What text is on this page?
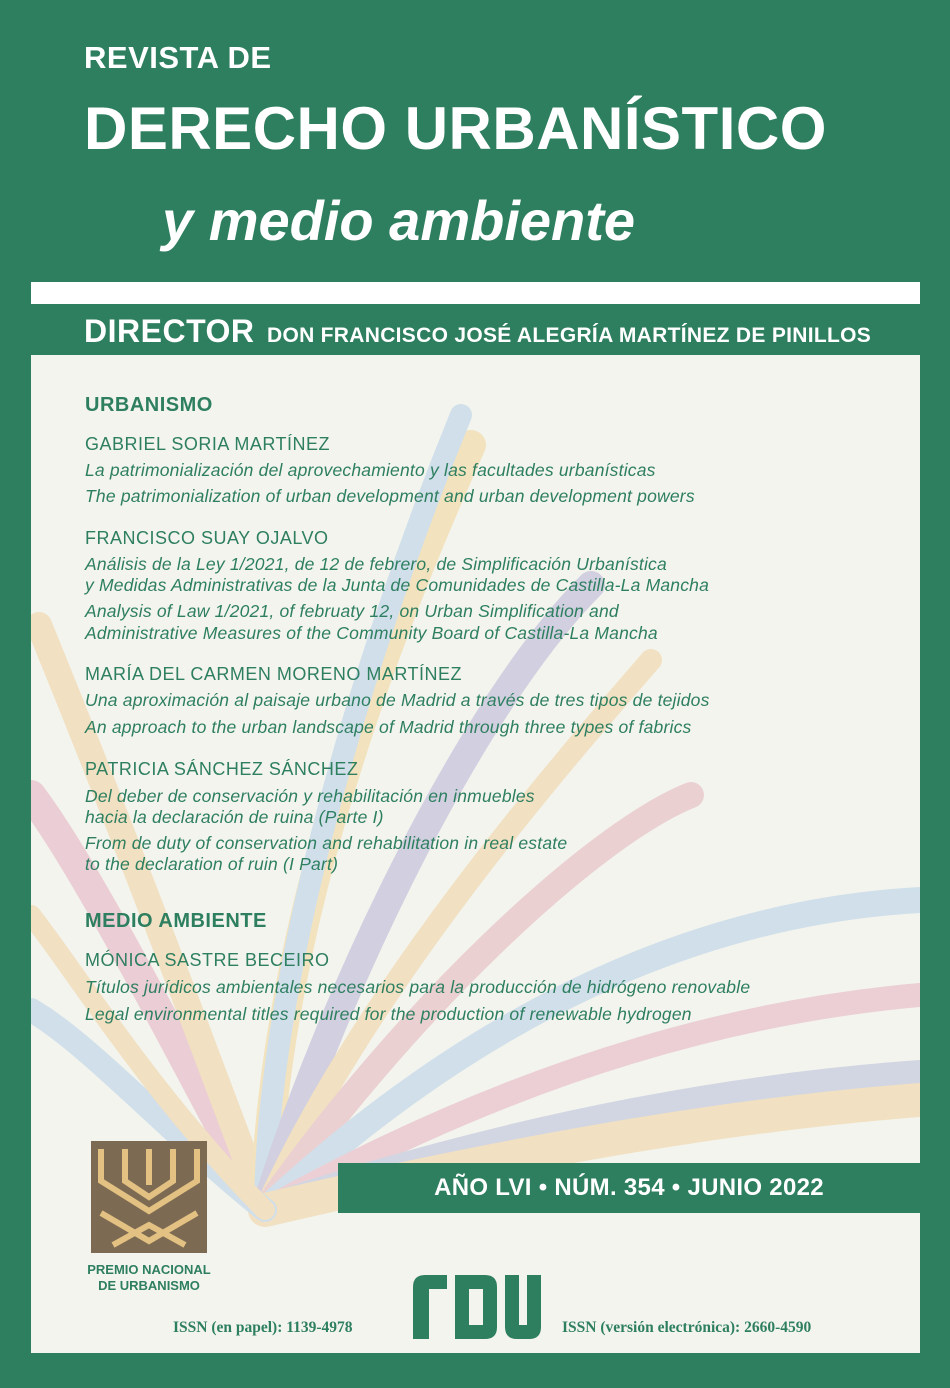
REVISTA DE
DERECHO URBANÍSTICO
y medio ambiente
DIRECTOR DON FRANCISCO JOSÉ ALEGRÍA MARTÍNEZ DE PINILLOS
URBANISMO

GABRIEL SORIA MARTÍNEZ

La patrimonialización del aprovechamiento y las facultades urbanísticas

The patrimonialization of urban development and urban development powers

FRANCISCO SUAY OJALVO

Análisis de la Ley 1/2021, de 12 de febrero, de Simplificación Urbanística

y Medidas Administrativas de la Junta de Comunidades de Castilla-La Mancha

Analysis of Law 1/2021, of februaty 12, on Urban Simplification and

Administrative Measures of the Community Board of Castilla-La Mancha

MARÍA DEL CARMEN MORENO MARTÍNEZ

Una aproximación al paisaje urbano de Madrid a través de tres tipos de tejidos

An approach to the urban landscape of Madrid through three types of fabrics

PATRICIA SÁNCHEZ SÁNCHEZ

Del deber de conservación y rehabilitación en inmuebles

hacia la declaración de ruina (Parte I)

From de duty of conservation and rehabilitation in real estate

to the declaration of ruin (I Part)

MEDIO AMBIENTE

MÓNICA SASTRE BECEIRO

Títulos jurídicos ambientales necesarios para la producción de hidrógeno renovable

Legal environmental titles required for the production of renewable hydrogen

AÑO LVI • NÚM. 354 • JUNIO 2022

PREMIO NACIONAL

DE URBANISMO

ISSN (en papel): 1139-4978	ISSN (versión electrónica): 2660-4590
